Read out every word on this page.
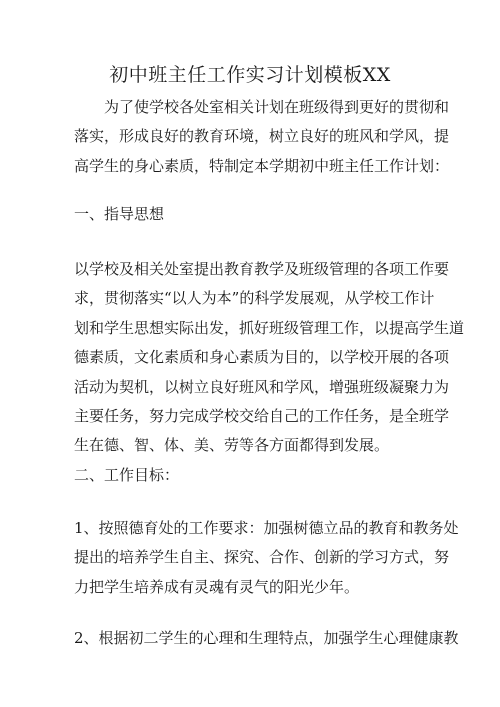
初中班主任工作实习计划模板XX
为了使学校各处室相关计划在班级得到更好的贯彻和
落实，形成良好的教育环境，树立良好的班风和学风，提
高学生的身心素质，特制定本学期初中班主任工作计划：
一、指导思想
以学校及相关处室提出教育教学及班级管理的各项工作要
求，贯彻落实“以人为本”的科学发展观，从学校工作计
划和学生思想实际出发，抓好班级管理工作，以提高学生道
德素质，文化素质和身心素质为目的，以学校开展的各项
活动为契机，以树立良好班风和学风，增强班级凝聚力为
主要任务，努力完成学校交给自己的工作任务，是全班学
生在德、智、体、美、劳等各方面都得到发展。
二、工作目标：
1、按照德育处的工作要求：加强树德立品的教育和教务处
提出的培养学生自主、探究、合作、创新的学习方式，努
力把学生培养成有灵魂有灵气的阳光少年。
2、根据初二学生的心理和生理特点，加强学生心理健康教
